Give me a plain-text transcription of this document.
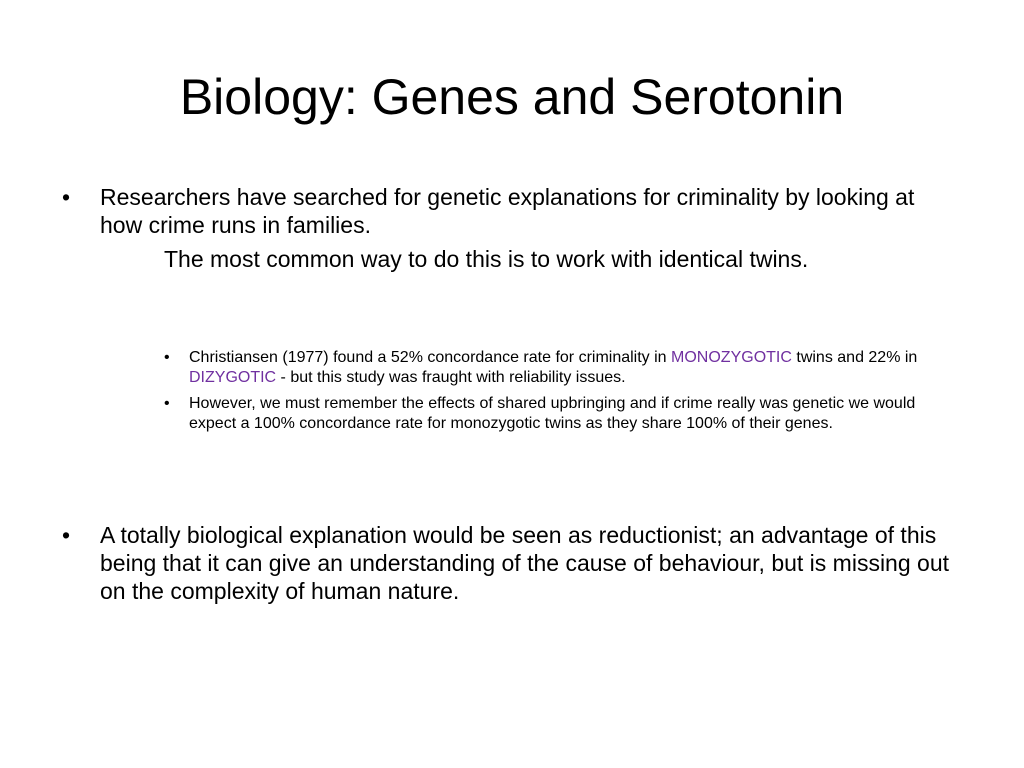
Biology: Genes and Serotonin
•	Researchers have searched for genetic explanations for criminality by looking at how crime runs in families.
The most common way to do this is to work with identical twins.
•	Christiansen (1977) found a 52% concordance rate for criminality in MONOZYGOTIC twins and 22% in DIZYGOTIC - but this study was fraught with reliability issues.
•	However, we must remember the effects of shared upbringing and if crime really was genetic we would expect a 100% concordance rate for monozygotic twins as they share 100% of their genes.
•	A totally biological explanation would be seen as reductionist; an advantage of this being that it can give an understanding of the cause of behaviour, but is missing out on the complexity of human nature.
